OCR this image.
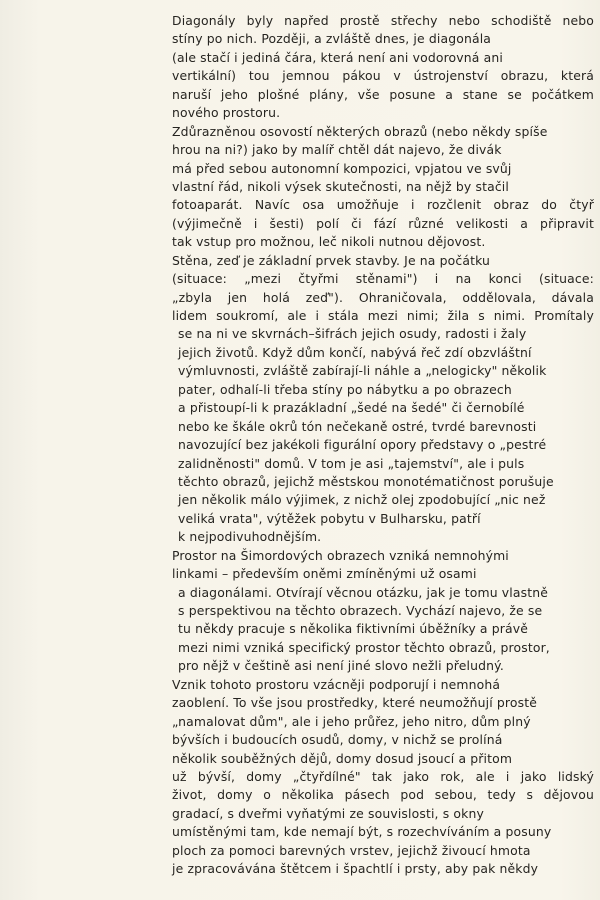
Diagonály byly napřed prostě střechy nebo schodiště nebo
stíny po nich. Později, a zvláště dnes, je diagonála
(ale stačí i jediná čára, která není ani vodorovná ani
vertikální) tou jemnou pákou v ústrojenství obrazu, která
naruší jeho plošné plány, vše posune a stane se počátkem
nového prostoru.
Zdůrazněnou osovostí některých obrazů (nebo někdy spíše
hrou na ni?) jako by malíř chtěl dát najevo, že divák
má před sebou autonomní kompozici, vpjatou ve svůj
vlastní řád, nikoli výsek skutečnosti, na nějž by stačil
fotoaparát. Navíc osa umožňuje i rozčlenit obraz do čtyř
(výjimečně i šesti) polí či fází různé velikosti a připravit
tak vstup pro možnou, leč nikoli nutnou dějovost.
Stěna, zeď je základní prvek stavby. Je na počátku
(situace: „mezi čtyřmi stěnami") i na konci (situace:
„zbyla jen holá zeď"). Ohraničovala, oddělovala, dávala
lidem soukromí, ale i stála mezi nimi; žila s nimi. Promítaly
se na ni ve skvrnách–šifrách jejich osudy, radosti i žaly
jejich životů. Když dům končí, nabývá řeč zdí obzvláštní
výmluvnosti, zvláště zabírají-li náhle a „nelogicky" několik
pater, odhalí-li třeba stíny po nábytku a po obrazech
a přistoupí-li k prazákladní „šedé na šedé" či černobílé
nebo ke škále okrů tón nečekaně ostré, tvrdé barevnosti
navozující bez jakékoli figurální opory představy o „pestré
zalidněnosti" domů. V tom je asi „tajemství", ale i puls
těchto obrazů, jejichž městskou monotématičnost porušuje
jen několik málo výjimek, z nichž olej zpodobující „nic než
veliká vrata", výtěžek pobytu v Bulharsku, patří
k nejpodivuhodnějším.
Prostor na Šimordových obrazech vzniká nemnohými
linkami – především oněmi zmíněnými už osami
a diagonálami. Otvírají věcnou otázku, jak je tomu vlastně
s perspektivou na těchto obrazech. Vychází najevo, že se
tu někdy pracuje s několika fiktivními úběžníky a právě
mezi nimi vzniká specifický prostor těchto obrazů, prostor,
pro nějž v češtině asi není jiné slovo nežli přeludný.
Vznik tohoto prostoru vzácněji podporují i nemnohá
zaoblení. To vše jsou prostředky, které neumožňují prostě
„namalovat dům", ale i jeho průřez, jeho nitro, dům plný
bývších i budoucích osudů, domy, v nichž se prolíná
několik souběžných dějů, domy dosud jsoucí a přitom
už bývší, domy „čtyřdílné" tak jako rok, ale i jako lidský
život, domy o několika pásech pod sebou, tedy s dějovou
gradací, s dveřmi vyňatými ze souvislosti, s okny
umístěnými tam, kde nemají být, s rozechvíváním a posuny
ploch za pomoci barevných vrstev, jejichž živoucí hmota
je zpracovávána štětcem i špachtlí i prsty, aby pak někdy
